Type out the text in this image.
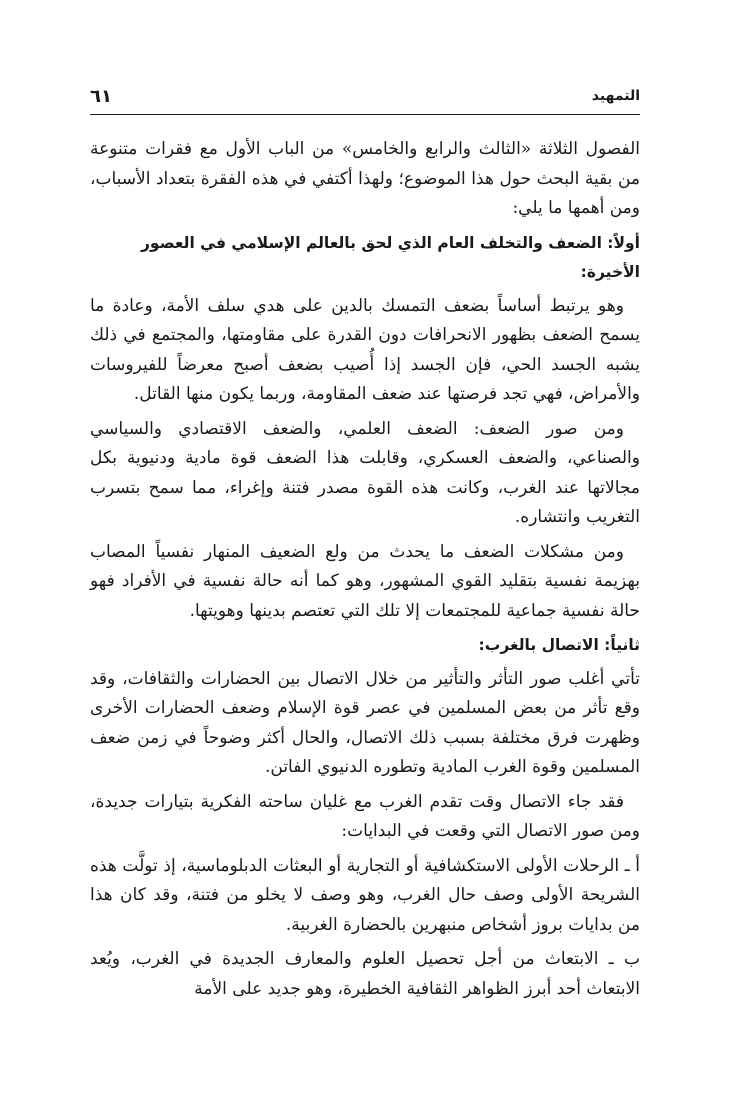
التمهيد
٦١

الفصول الثلاثة «الثالث والرابع والخامس» من الباب الأول مع فقرات متنوعة من بقية البحث حول هذا الموضوع؛ ولهذا أكتفي في هذه الفقرة بتعداد الأسباب، ومن أهمها ما يلي:

أولاً: الضعف والتخلف العام الذي لحق بالعالم الإسلامي في العصور الأخيرة:

وهو يرتبط أساساً بضعف التمسك بالدين على هدي سلف الأمة، وعادة ما يسمح الضعف بظهور الانحرافات دون القدرة على مقاومتها، والمجتمع في ذلك يشبه الجسد الحي، فإن الجسد إذا أُصيب بضعف أصبح معرضاً للفيروسات والأمراض، فهي تجد فرصتها عند ضعف المقاومة، وربما يكون منها القاتل.

ومن صور الضعف: الضعف العلمي، والضعف الاقتصادي والسياسي والصناعي، والضعف العسكري، وقابلت هذا الضعف قوة مادية ودنيوية بكل مجالاتها عند الغرب، وكانت هذه القوة مصدر فتنة وإغراء، مما سمح بتسرب التغريب وانتشاره.

ومن مشكلات الضعف ما يحدث من ولع الضعيف المنهار نفسياً المصاب بهزيمة نفسية بتقليد القوي المشهور، وهو كما أنه حالة نفسية في الأفراد فهو حالة نفسية جماعية للمجتمعات إلا تلك التي تعتصم بدينها وهويتها.

ثانياً: الاتصال بالغرب:

تأتي أغلب صور التأثر والتأثير من خلال الاتصال بين الحضارات والثقافات، وقد وقع تأثر من بعض المسلمين في عصر قوة الإسلام وضعف الحضارات الأخرى وظهرت فرق مختلفة بسبب ذلك الاتصال، والحال أكثر وضوحاً في زمن ضعف المسلمين وقوة الغرب المادية وتطوره الدنيوي الفاتن.

فقد جاء الاتصال وقت تقدم الغرب مع غليان ساحته الفكرية بتيارات جديدة، ومن صور الاتصال التي وقعت في البدايات:

أ ـ الرحلات الأولى الاستكشافية أو التجارية أو البعثات الدبلوماسية، إذ تولَّت هذه الشريحة الأولى وصف حال الغرب، وهو وصف لا يخلو من فتنة، وقد كان هذا من بدايات بروز أشخاص منبهرين بالحضارة الغربية.

ب ـ الابتعاث من أجل تحصيل العلوم والمعارف الجديدة في الغرب، ويُعد الابتعاث أحد أبرز الظواهر الثقافية الخطيرة، وهو جديد على الأمة
